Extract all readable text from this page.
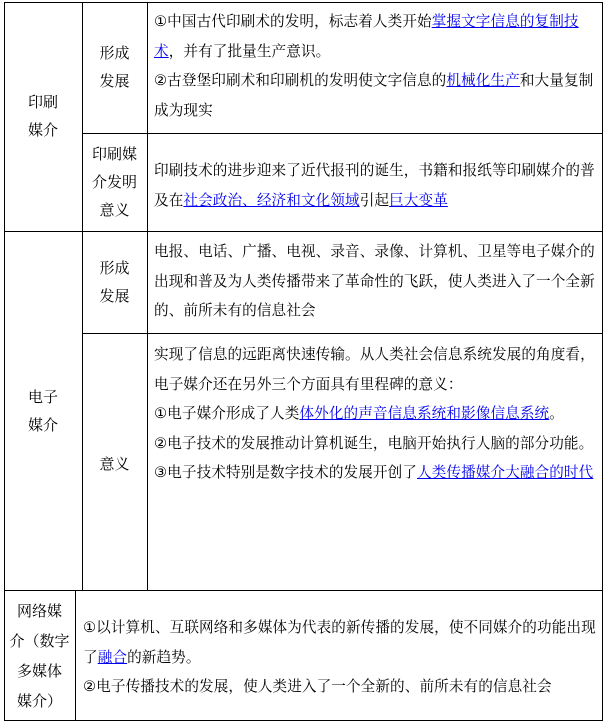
印刷
媒介
形成
发展

①中国古代印刷术的发明，标志着人类开始掌握文字信息的复制技术，并有了批量生产意识。

②古登堡印刷术和印刷机的发明使文字信息的机械化生产和大量复制成为现实

印刷媒
介发明
意义

印刷技术的进步迎来了近代报刊的诞生，书籍和报纸等印刷媒介的普及在社会政治、经济和文化领域引起巨大变革

电子
媒介
形成
发展

电报、电话、广播、电视、录音、录像、计算机、卫星等电子媒介的出现和普及为人类传播带来了革命性的飞跃，使人类进入了一个全新的、前所未有的信息社会

意义

实现了信息的远距离快速传输。从人类社会信息系统发展的角度看，电子媒介还在另外三个方面具有里程碑的意义：

①电子媒介形成了人类体外化的声音信息系统和影像信息系统。

②电子技术的发展推动计算机诞生，电脑开始执行人脑的部分功能。

③电子技术特别是数字技术的发展开创了人类传播媒介大融合的时代

网络媒
介（数字
多媒体
媒介）

①以计算机、互联网络和多媒体为代表的新传播的发展，使不同媒介的功能出现了融合的新趋势。

②电子传播技术的发展，使人类进入了一个全新的、前所未有的信息社会
